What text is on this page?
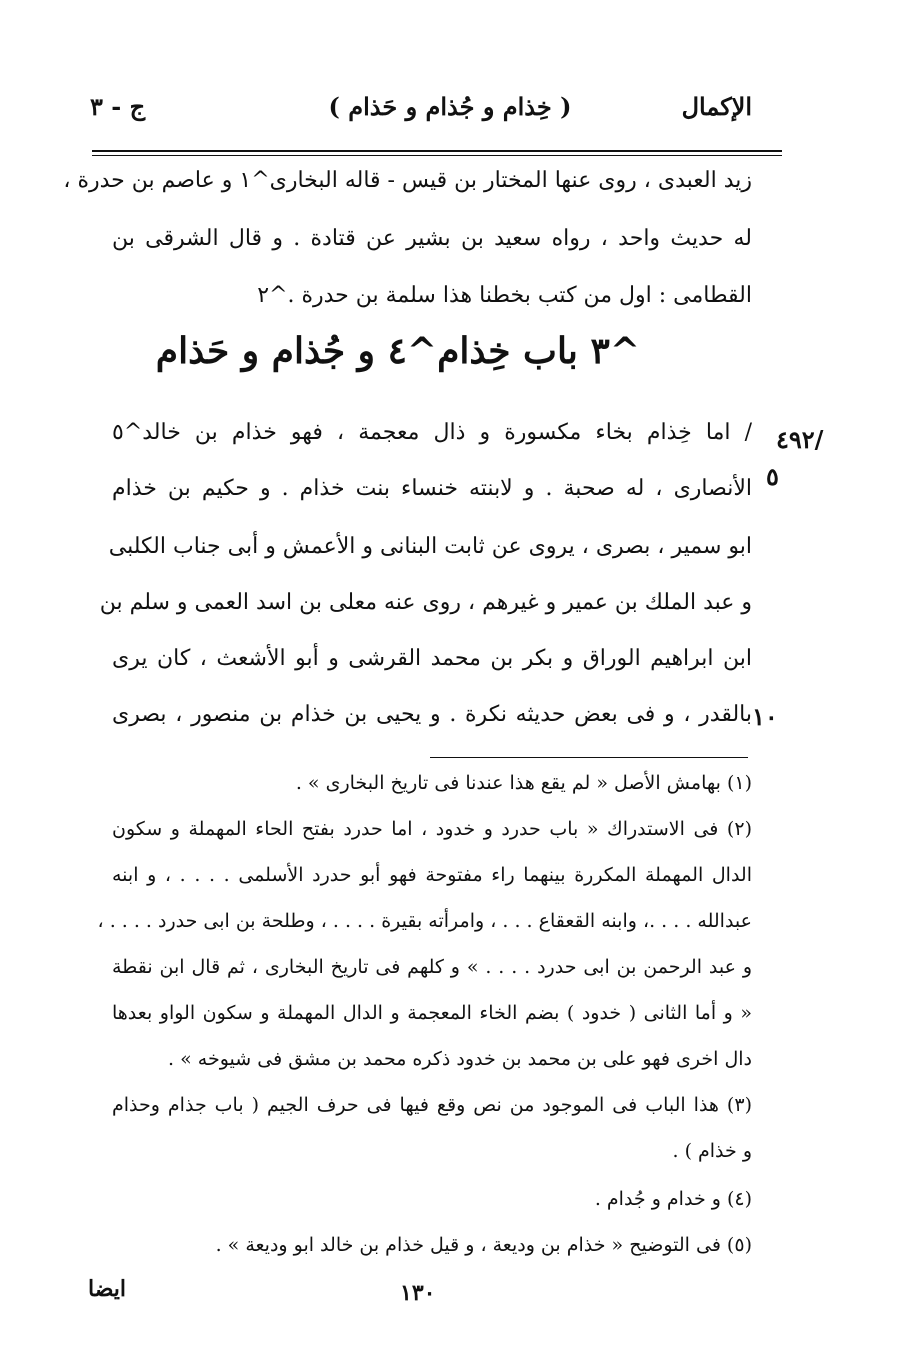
الإكمال
( خِذام و جُذام و حَذام )
ج - ٣
زيد العبدى ، روى عنها المختار بن قيس - قاله البخارى^١ و عاصم بن حدرة ،
له حديث واحد ، رواه سعيد بن بشير عن قتادة . و قال الشرقى بن
القطامى : اول من كتب بخطنا هذا سلمة بن حدرة .^٢
^٣ باب خِذام^٤ و جُذام و حَذام
٤٩٢/
٥
١٠
/ اما خِذام بخاء مكسورة و ذال معجمة ، فهو خذام بن خالد^٥
الأنصارى ، له صحبة . و لابنته خنساء بنت خذام . و حكيم بن خذام
ابو سمير ، بصرى ، يروى عن ثابت البنانى و الأعمش و أبى جناب الكلبى
و عبد الملك بن عمير و غيرهم ، روى عنه معلى بن اسد العمى و سلم بن
ابن ابراهيم الوراق و بكر بن محمد القرشى و أبو الأشعث ، كان يرى
بالقدر ، و فى بعض حديثه نكرة . و يحيى بن خذام بن منصور ، بصرى
(١) بهامش الأصل « لم يقع هذا عندنا فى تاريخ البخارى » .
(٢) فى الاستدراك « باب حدرد و خدود ، اما حدرد بفتح الحاء المهملة و سكون
الدال المهملة المكررة بينهما راء مفتوحة فهو أبو حدرد الأسلمى . . . . ، و ابنه
عبدالله . . . .، وابنه القعقاع . . . ، وامرأته بقيرة . . . . ، وطلحة بن ابى حدرد . . . . ،
و عبد الرحمن بن ابى حدرد . . . . » و كلهم فى تاريخ البخارى ، ثم قال ابن نقطة
« و أما الثانى ( خدود ) بضم الخاء المعجمة و الدال المهملة و سكون الواو بعدها
دال اخرى فهو على بن محمد بن خدود ذكره محمد بن مشق فى شيوخه » .
(٣) هذا الباب فى الموجود من نص وقع فيها فى حرف الجيم ( باب جذام وحذام
و خذام ) .
(٤) و خدام و جُدام .
(٥) فى التوضيح « خذام بن وديعة ، و قيل خذام بن خالد ابو وديعة » .
١٣٠
ايضا
